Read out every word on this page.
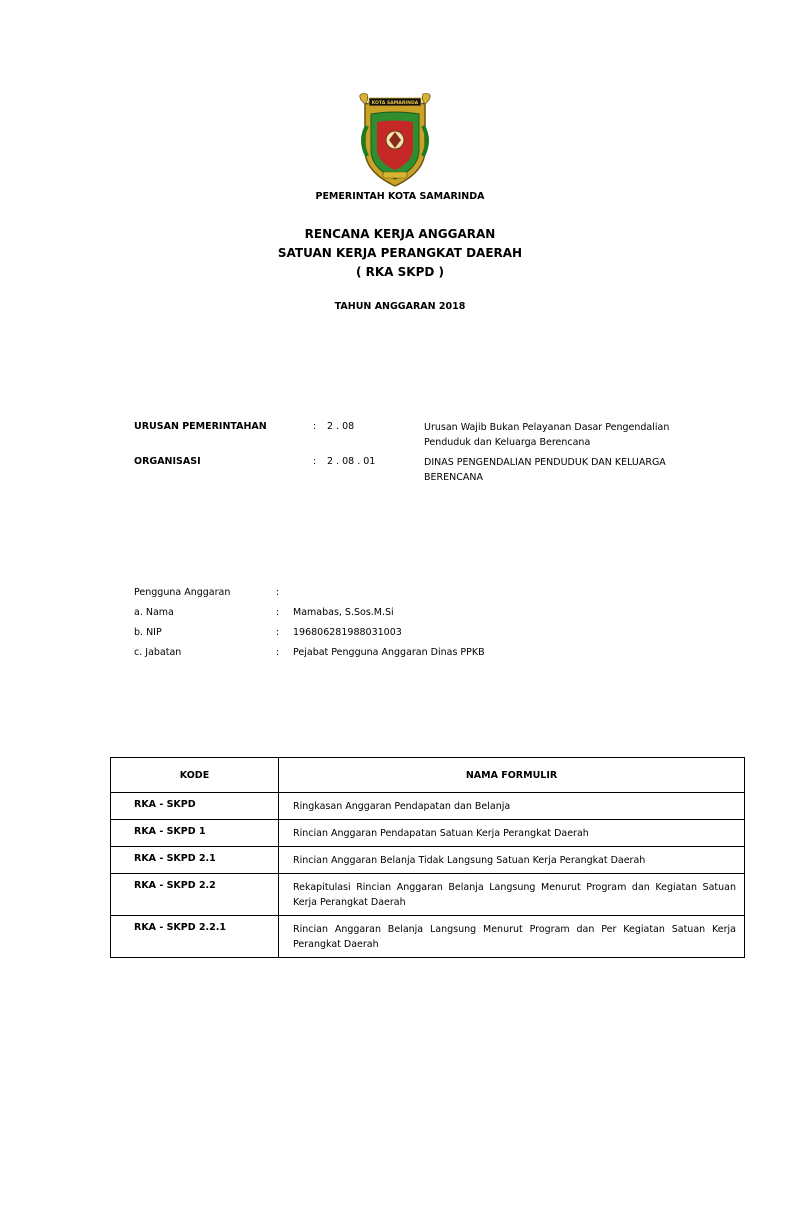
KOTA SAMARINDA
PEMERINTAH KOTA SAMARINDA
RENCANA KERJA ANGGARAN
SATUAN KERJA PERANGKAT DAERAH
( RKA SKPD )
TAHUN ANGGARAN 2018
URUSAN PEMERINTAHAN	: 2 . 08	Urusan Wajib Bukan Pelayanan Dasar Pengendalian Penduduk dan Keluarga Berencana
ORGANISASI	: 2 . 08 . 01	DINAS PENGENDALIAN PENDUDUK DAN KELUARGA BERENCANA
Pengguna Anggaran	:
a. Nama	: Mamabas, S.Sos.M.Si
b. NIP	: 196806281988031003
c. Jabatan	: Pejabat Pengguna Anggaran Dinas PPKB
KODE	NAMA FORMULIR
RKA - SKPD	Ringkasan Anggaran Pendapatan dan Belanja
RKA - SKPD 1	Rincian Anggaran Pendapatan Satuan Kerja Perangkat Daerah
RKA - SKPD 2.1	Rincian Anggaran Belanja Tidak Langsung Satuan Kerja Perangkat Daerah
RKA - SKPD 2.2	Rekapitulasi Rincian Anggaran Belanja Langsung Menurut Program dan Kegiatan Satuan Kerja Perangkat Daerah
RKA - SKPD 2.2.1	Rincian Anggaran Belanja Langsung Menurut Program dan Per Kegiatan Satuan Kerja Perangkat Daerah
